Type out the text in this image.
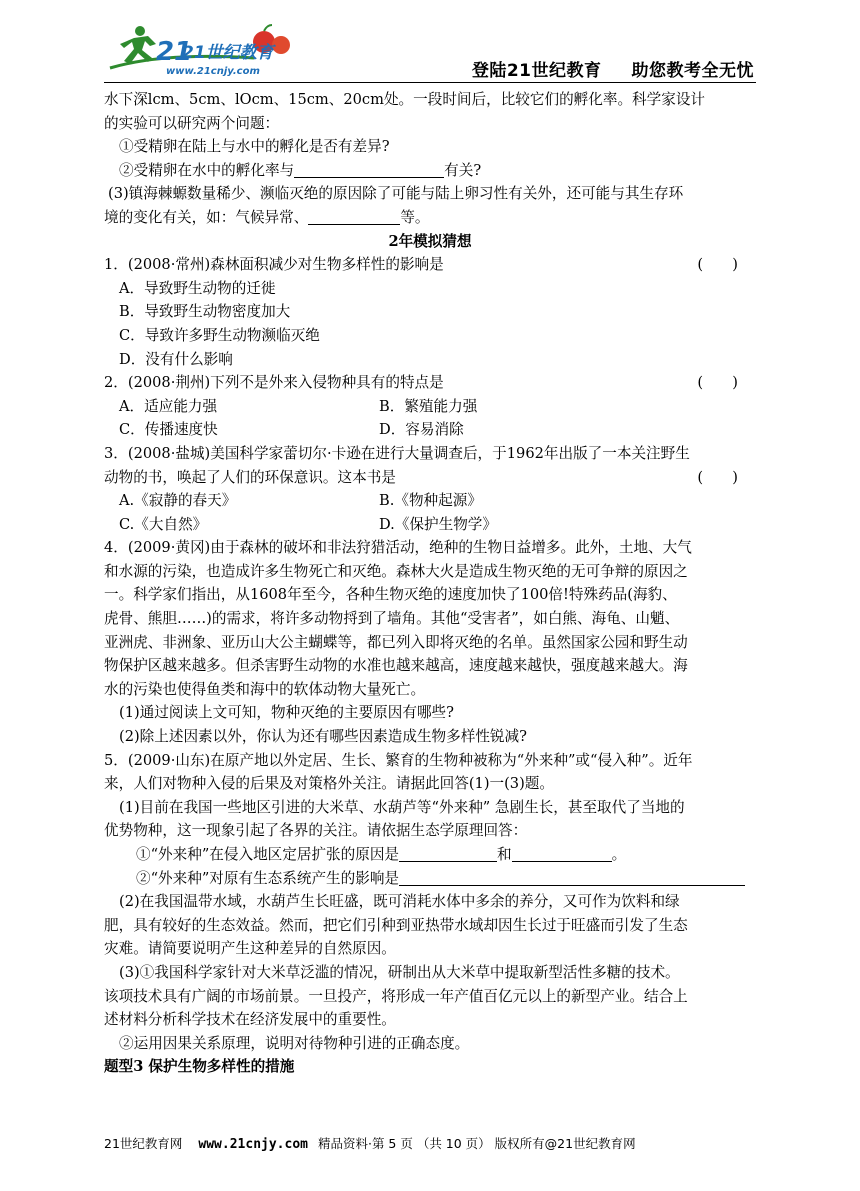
21
21世纪教育
www.21cnjy.com	登陆21世纪教育 助您教考全无忧

水下深lcm、5cm、lOcm、15cm、20cm处。一段时间后，比较它们的孵化率。科学家设计

的实验可以研究两个问题：

①受精卵在陆上与水中的孵化是否有差异?

②受精卵在水中的孵化率与	有关?

(3)镇海棘螈数量稀少、濒临灭绝的原因除了可能与陆上卵习性有关外，还可能与其生存环

境的变化有关，如：气候异常、	等。

2年模拟猜想

1．(2008·常州)森林面积减少对生物多样性的影响是	(　　)

A．导致野生动物的迁徙

B．导致野生动物密度加大

C．导致许多野生动物濒临灭绝

D．没有什么影响

2．(2008·荆州)下列不是外来入侵物种具有的特点是	(　　)

A．适应能力强	B．繁殖能力强
C．传播速度快	D．容易消除

3．(2008·盐城)美国科学家蕾切尔·卡逊在进行大量调查后，于1962年出版了一本关注野生

动物的书，唤起了人们的环保意识。这本书是	(　　)

A.《寂静的春天》	B.《物种起源》
C.《大自然》	D.《保护生物学》

4．(2009·黄冈)由于森林的破坏和非法狩猎活动，绝种的生物日益增多。此外，土地、大气

和水源的污染，也造成许多生物死亡和灭绝。森林大火是造成生物灭绝的无可争辩的原因之

一。科学家们指出，从1608年至今，各种生物灭绝的速度加快了100倍!特殊药品(海豹、

虎骨、熊胆……)的需求，将许多动物捋到了墙角。其他“受害者”，如白熊、海龟、山魈、

亚洲虎、非洲象、亚历山大公主蝴蝶等，都已列入即将灭绝的名单。虽然国家公园和野生动

物保护区越来越多。但杀害野生动物的水准也越来越高，速度越来越快，强度越来越大。海

水的污染也使得鱼类和海中的软体动物大量死亡。

(1)通过阅读上文可知，物种灭绝的主要原因有哪些?

(2)除上述因素以外，你认为还有哪些因素造成生物多样性锐减?

5．(2009·山东)在原产地以外定居、生长、繁育的生物种被称为“外来种”或“侵入种”。近年

来，人们对物种入侵的后果及对策格外关注。请据此回答(1)一(3)题。

(1)目前在我国一些地区引进的大米草、水葫芦等“外来种” 急剧生长，甚至取代了当地的

优势物种，这一现象引起了各界的关注。请依据生态学原理回答：

①“外来种”在侵入地区定居扩张的原因是	和	。

②“外来种”对原有生态系统产生的影响是

(2)在我国温带水域，水葫芦生长旺盛，既可消耗水体中多余的养分，又可作为饮料和绿

肥，具有较好的生态效益。然而，把它们引种到亚热带水域却因生长过于旺盛而引发了生态

灾难。请简要说明产生这种差异的自然原因。

(3)①我国科学家针对大米草泛滥的情况，研制出从大米草中提取新型活性多糖的技术。

该项技术具有广阔的市场前景。一旦投产，将形成一年产值百亿元以上的新型产业。结合上

述材料分析科学技术在经济发展中的重要性。

②运用因果关系原理，说明对待物种引进的正确态度。

题型3 保护生物多样性的措施

21世纪教育网 www.21cnjy.com 精品资料·第 5 页 （共 10 页） 版权所有@21世纪教育网
